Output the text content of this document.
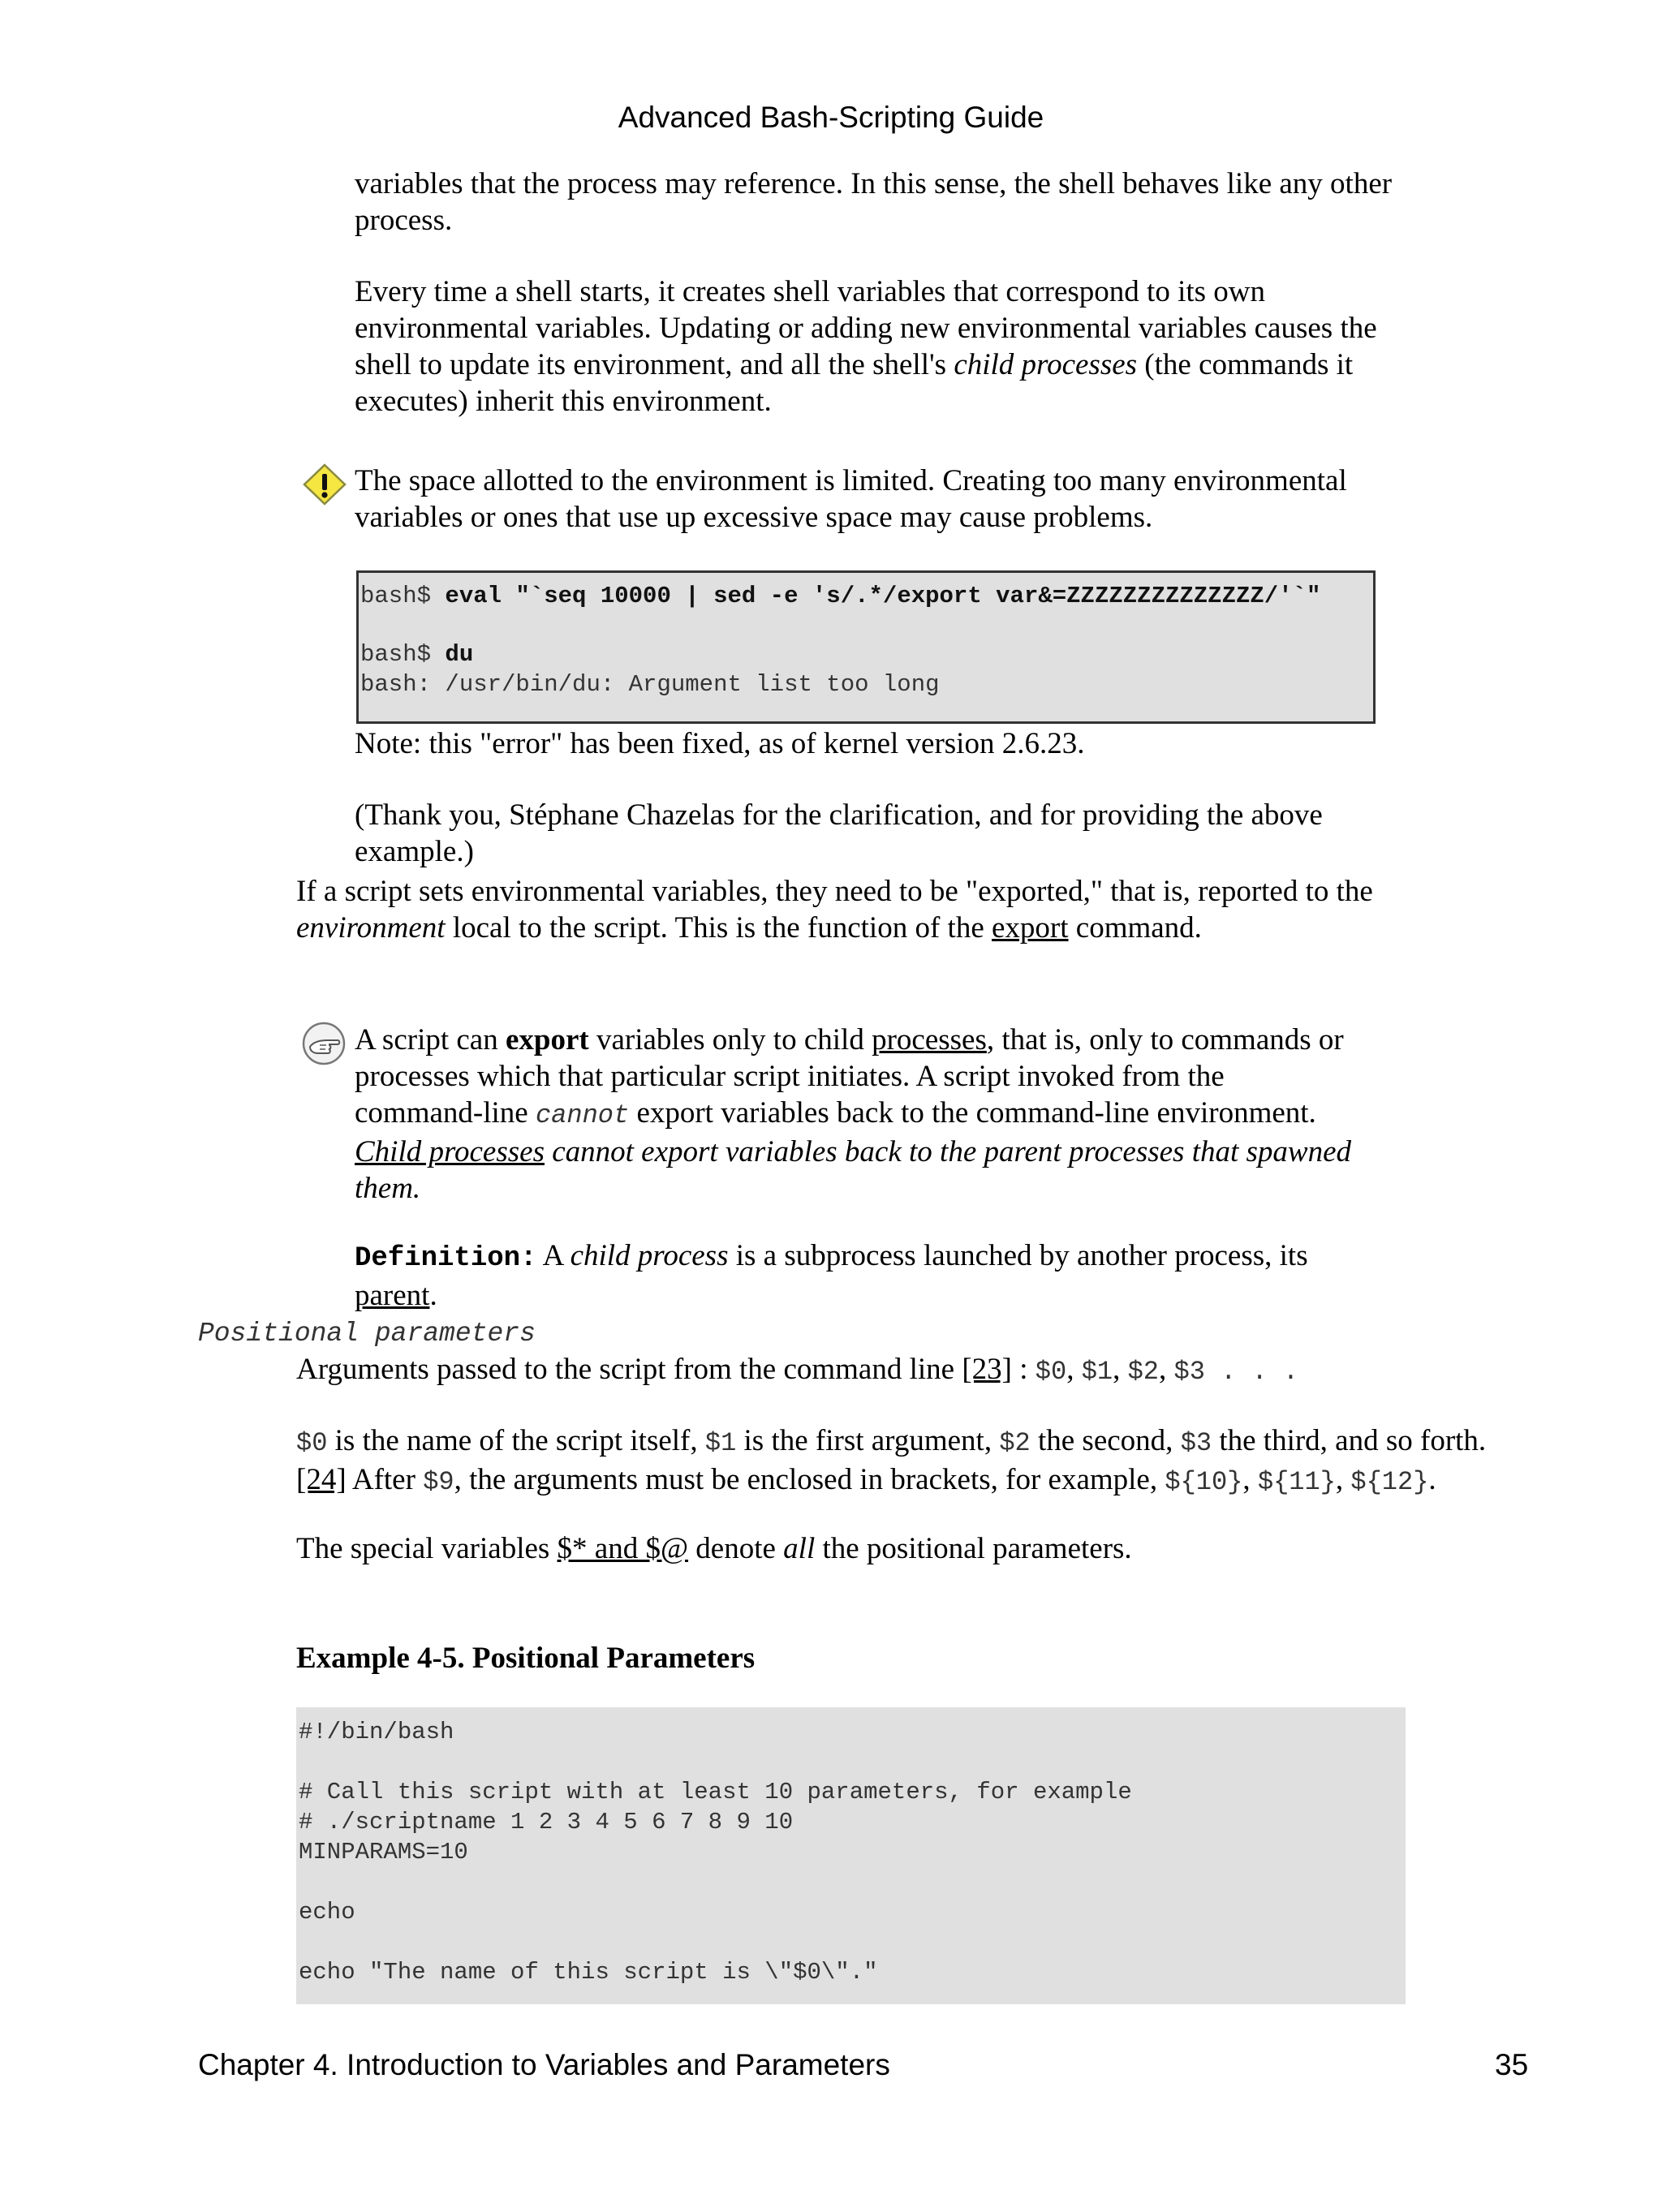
Advanced Bash-Scripting Guide
variables that the process may reference. In this sense, the shell behaves like any other
process.
Every time a shell starts, it creates shell variables that correspond to its own
environmental variables. Updating or adding new environmental variables causes the
shell to update its environment, and all the shell's child processes (the commands it
executes) inherit this environment.
The space allotted to the environment is limited. Creating too many environmental
variables or ones that use up excessive space may cause problems.
bash$ eval "`seq 10000 | sed -e 's/.*/export var&=ZZZZZZZZZZZZZZ/'`"
bash$ du
bash: /usr/bin/du: Argument list too long
Note: this "error" has been fixed, as of kernel version 2.6.23.
(Thank you, Stéphane Chazelas for the clarification, and for providing the above
example.)
If a script sets environmental variables, they need to be "exported," that is, reported to the
environment local to the script. This is the function of the export command.
A script can export variables only to child processes, that is, only to commands or
processes which that particular script initiates. A script invoked from the
command-line cannot export variables back to the command-line environment.
Child processes cannot export variables back to the parent processes that spawned
them.
Definition: A child process is a subprocess launched by another process, its
parent.
Positional parameters
Arguments passed to the script from the command line [23] : $0, $1, $2, $3 . . .
$0 is the name of the script itself, $1 is the first argument, $2 the second, $3 the third, and so forth.
[24] After $9, the arguments must be enclosed in brackets, for example, ${10}, ${11}, ${12}.
The special variables $* and $@ denote all the positional parameters.
Example 4-5. Positional Parameters
#!/bin/bash

# Call this script with at least 10 parameters, for example
# ./scriptname 1 2 3 4 5 6 7 8 9 10
MINPARAMS=10

echo

echo "The name of this script is \"$0\"."
Chapter 4. Introduction to Variables and Parameters	35
